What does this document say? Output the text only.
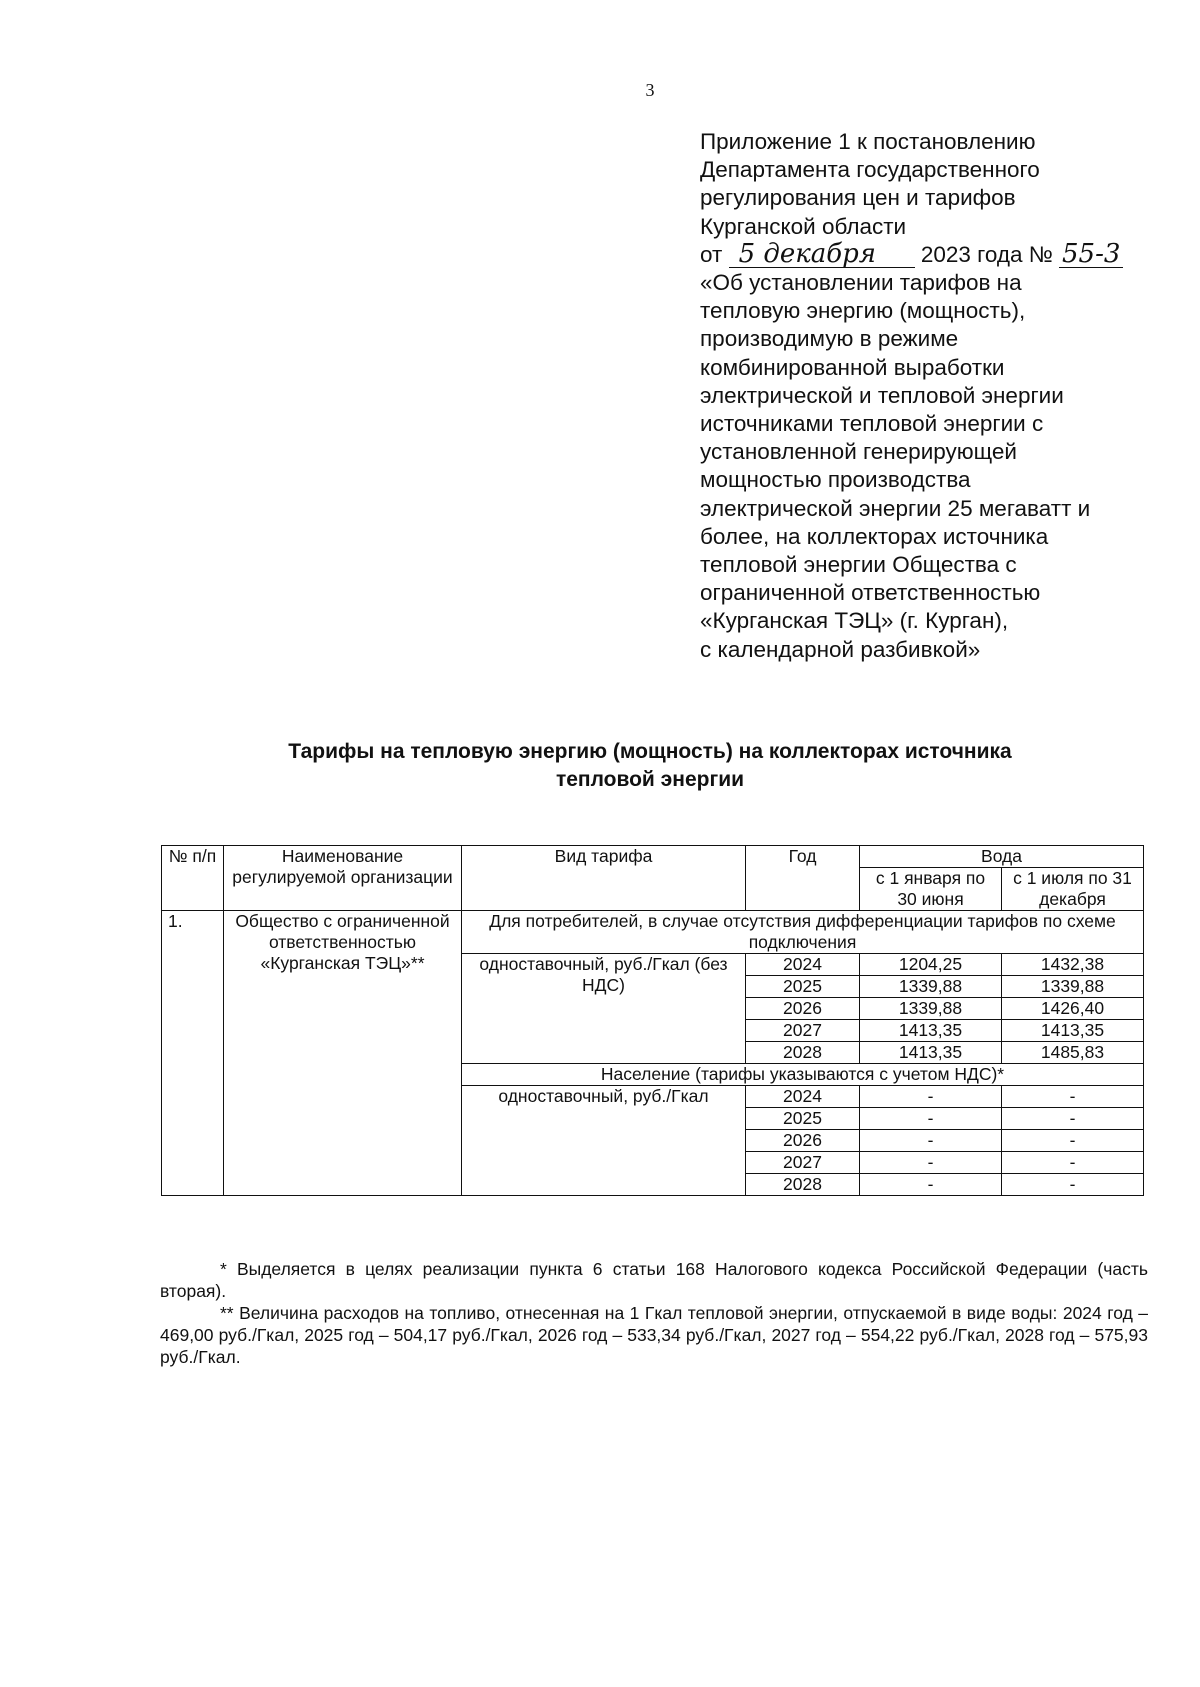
3
Приложение 1 к постановлению
Департамента государственного
регулирования цен и тарифов
Курганской области
от 5 декабря 2023 года № 55-3
«Об установлении тарифов на
тепловую энергию (мощность),
производимую в режиме
комбинированной выработки
электрической и тепловой энергии
источниками тепловой энергии с
установленной генерирующей
мощностью производства
электрической энергии 25 мегаватт и
более, на коллекторах источника
тепловой энергии Общества с
ограниченной ответственностью
«Курганская ТЭЦ» (г. Курган),
с календарной разбивкой»
Тарифы на тепловую энергию (мощность) на коллекторах источника
тепловой энергии
№ п/п	Наименование регулируемой организации	Вид тарифа	Год	Вода	
				с 1 января по 30 июня	с 1 июля по 31 декабря
1.	Общество с ограниченной ответственностью «Курганская ТЭЦ»**	Для потребителей, в случае отсутствия дифференциации тарифов по схеме подключения			
		одноставочный, руб./Гкал (без НДС)	2024	1204,25	1432,38
			2025	1339,88	1339,88
			2026	1339,88	1426,40
			2027	1413,35	1413,35
			2028	1413,35	1485,83
		Население (тарифы указываются с учетом НДС)*			
		одноставочный, руб./Гкал	2024	-	-
			2025	-	-
			2026	-	-
			2027	-	-
			2028	-	-

* Выделяется в целях реализации пункта 6 статьи 168 Налогового кодекса Российской Федерации (часть вторая).

** Величина расходов на топливо, отнесенная на 1 Гкал тепловой энергии, отпускаемой в виде воды: 2024 год – 469,00 руб./Гкал, 2025 год – 504,17 руб./Гкал, 2026 год – 533,34 руб./Гкал, 2027 год – 554,22 руб./Гкал, 2028 год – 575,93 руб./Гкал.
